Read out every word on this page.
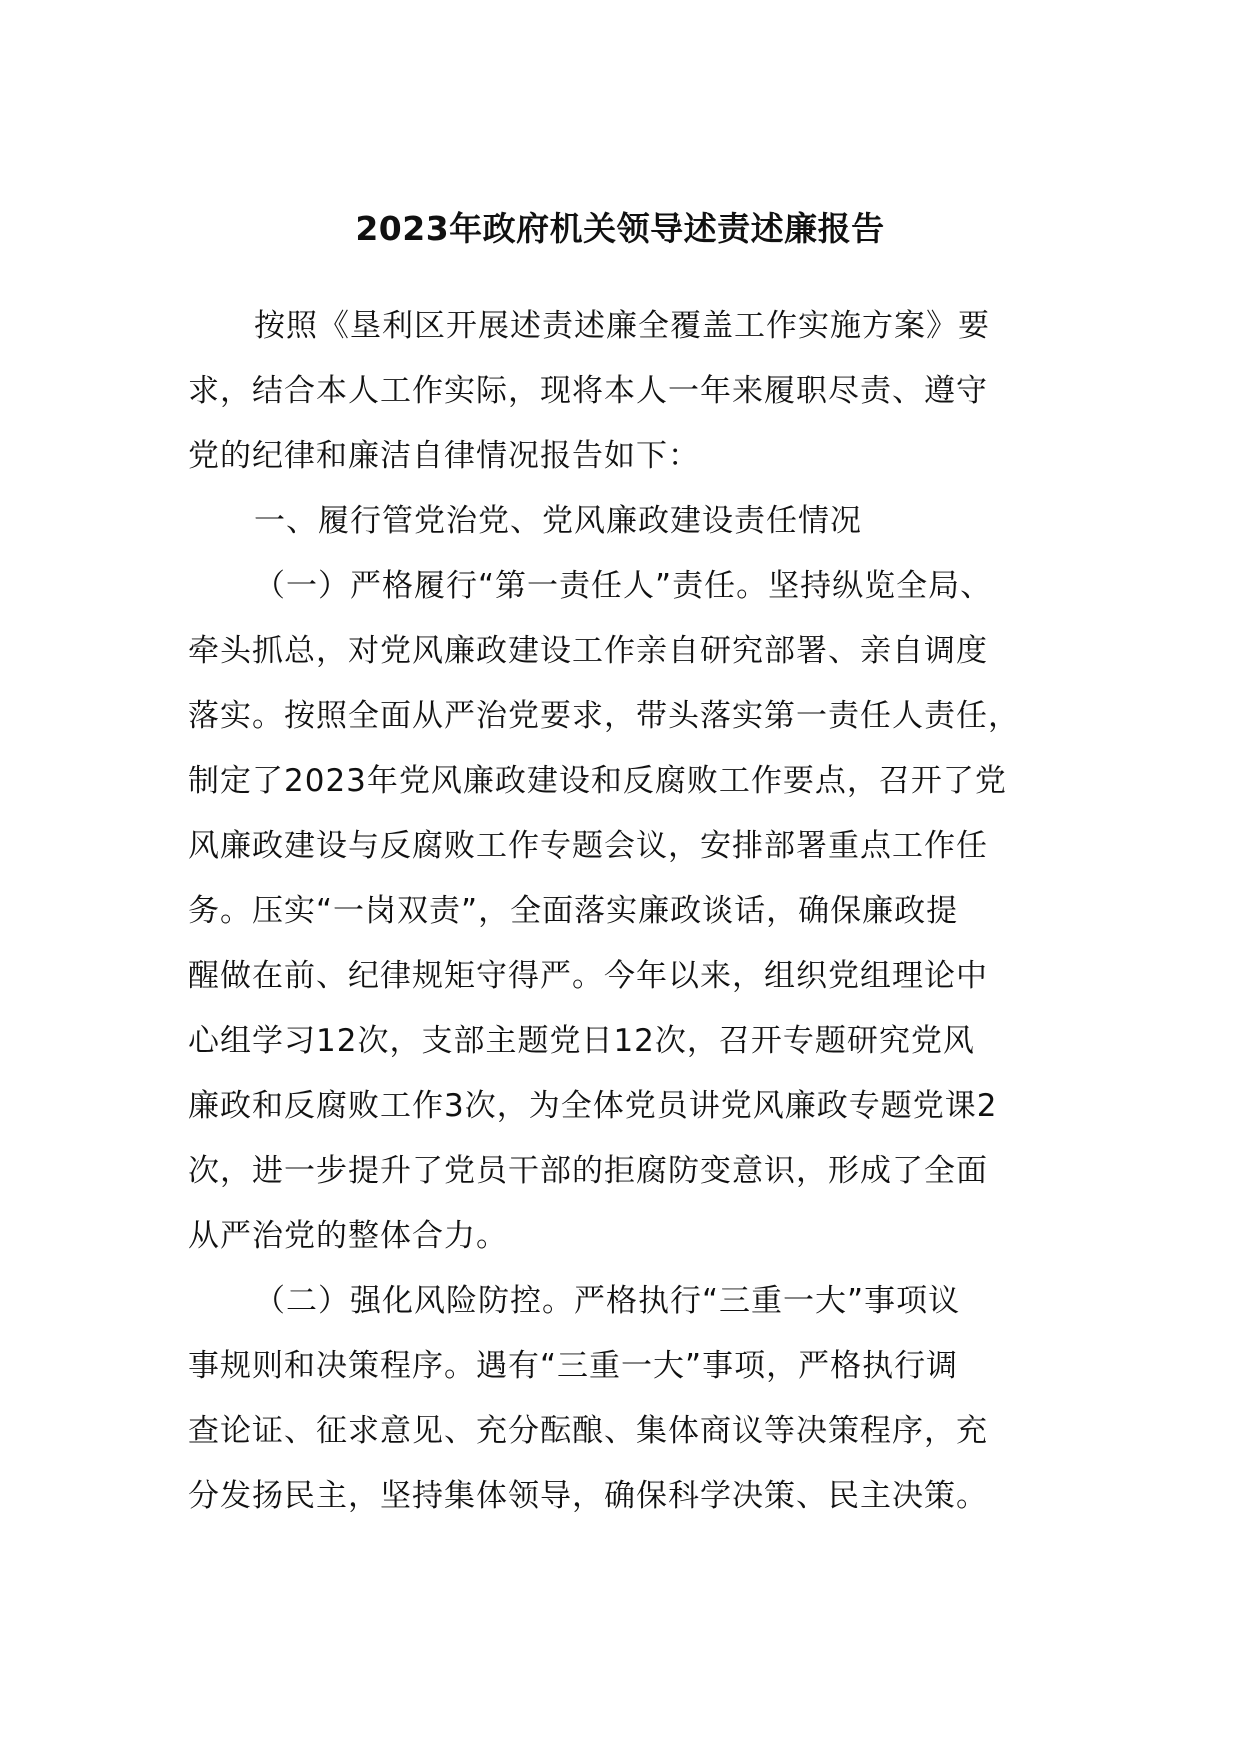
2023年政府机关领导述责述廉报告

按照《垦利区开展述责述廉全覆盖工作实施方案》要
求，结合本人工作实际，现将本人一年来履职尽责、遵守
党的纪律和廉洁自律情况报告如下：

一、履行管党治党、党风廉政建设责任情况

（一）严格履行“第一责任人”责任。坚持纵览全局、
牵头抓总，对党风廉政建设工作亲自研究部署、亲自调度
落实。按照全面从严治党要求，带头落实第一责任人责任，
制定了2023年党风廉政建设和反腐败工作要点，召开了党
风廉政建设与反腐败工作专题会议，安排部署重点工作任
务。压实“一岗双责”，全面落实廉政谈话，确保廉政提
醒做在前、纪律规矩守得严。今年以来，组织党组理论中
心组学习12次，支部主题党日12次，召开专题研究党风
廉政和反腐败工作3次，为全体党员讲党风廉政专题党课2
次，进一步提升了党员干部的拒腐防变意识，形成了全面
从严治党的整体合力。

（二）强化风险防控。严格执行“三重一大”事项议
事规则和决策程序。遇有“三重一大”事项，严格执行调
查论证、征求意见、充分酝酿、集体商议等决策程序，充
分发扬民主，坚持集体领导，确保科学决策、民主决策。
